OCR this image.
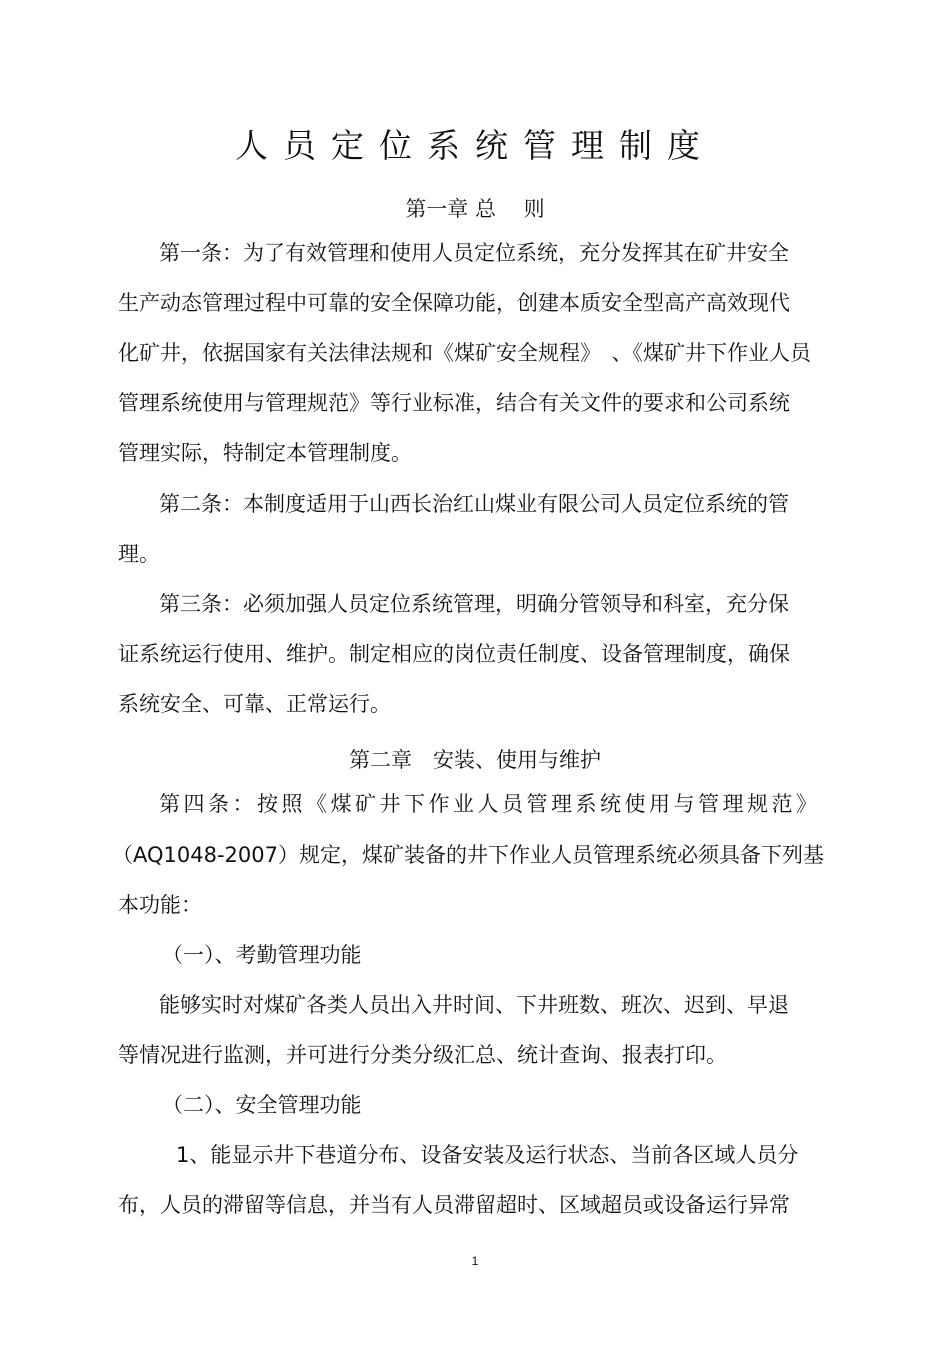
人员定位系统管理制度
第一章 总　 则
第一条：为了有效管理和使用人员定位系统，充分发挥其在矿井安全
生产动态管理过程中可靠的安全保障功能，创建本质安全型高产高效现代
化矿井，依据国家有关法律法规和《煤矿安全规程》　、《煤矿井下作业人员
管理系统使用与管理规范》等行业标准，结合有关文件的要求和公司系统
管理实际，特制定本管理制度。
第二条：本制度适用于山西长治红山煤业有限公司人员定位系统的管
理。
第三条：必须加强人员定位系统管理，明确分管领导和科室，充分保
证系统运行使用、维护。制定相应的岗位责任制度、设备管理制度，确保
系统安全、可靠、正常运行。
第二章　安装、使用与维护
第四条：按照《煤矿井下作业人员管理系统使用与管理规范》
（AQ1048-2007）规定，煤矿装备的井下作业人员管理系统必须具备下列基
本功能：
（一）、考勤管理功能
能够实时对煤矿各类人员出入井时间、下井班数、班次、迟到、早退
等情况进行监测，并可进行分类分级汇总、统计查询、报表打印。
（二）、安全管理功能
1、能显示井下巷道分布、设备安装及运行状态、当前各区域人员分
布，人员的滞留等信息，并当有人员滞留超时、区域超员或设备运行异常
1
